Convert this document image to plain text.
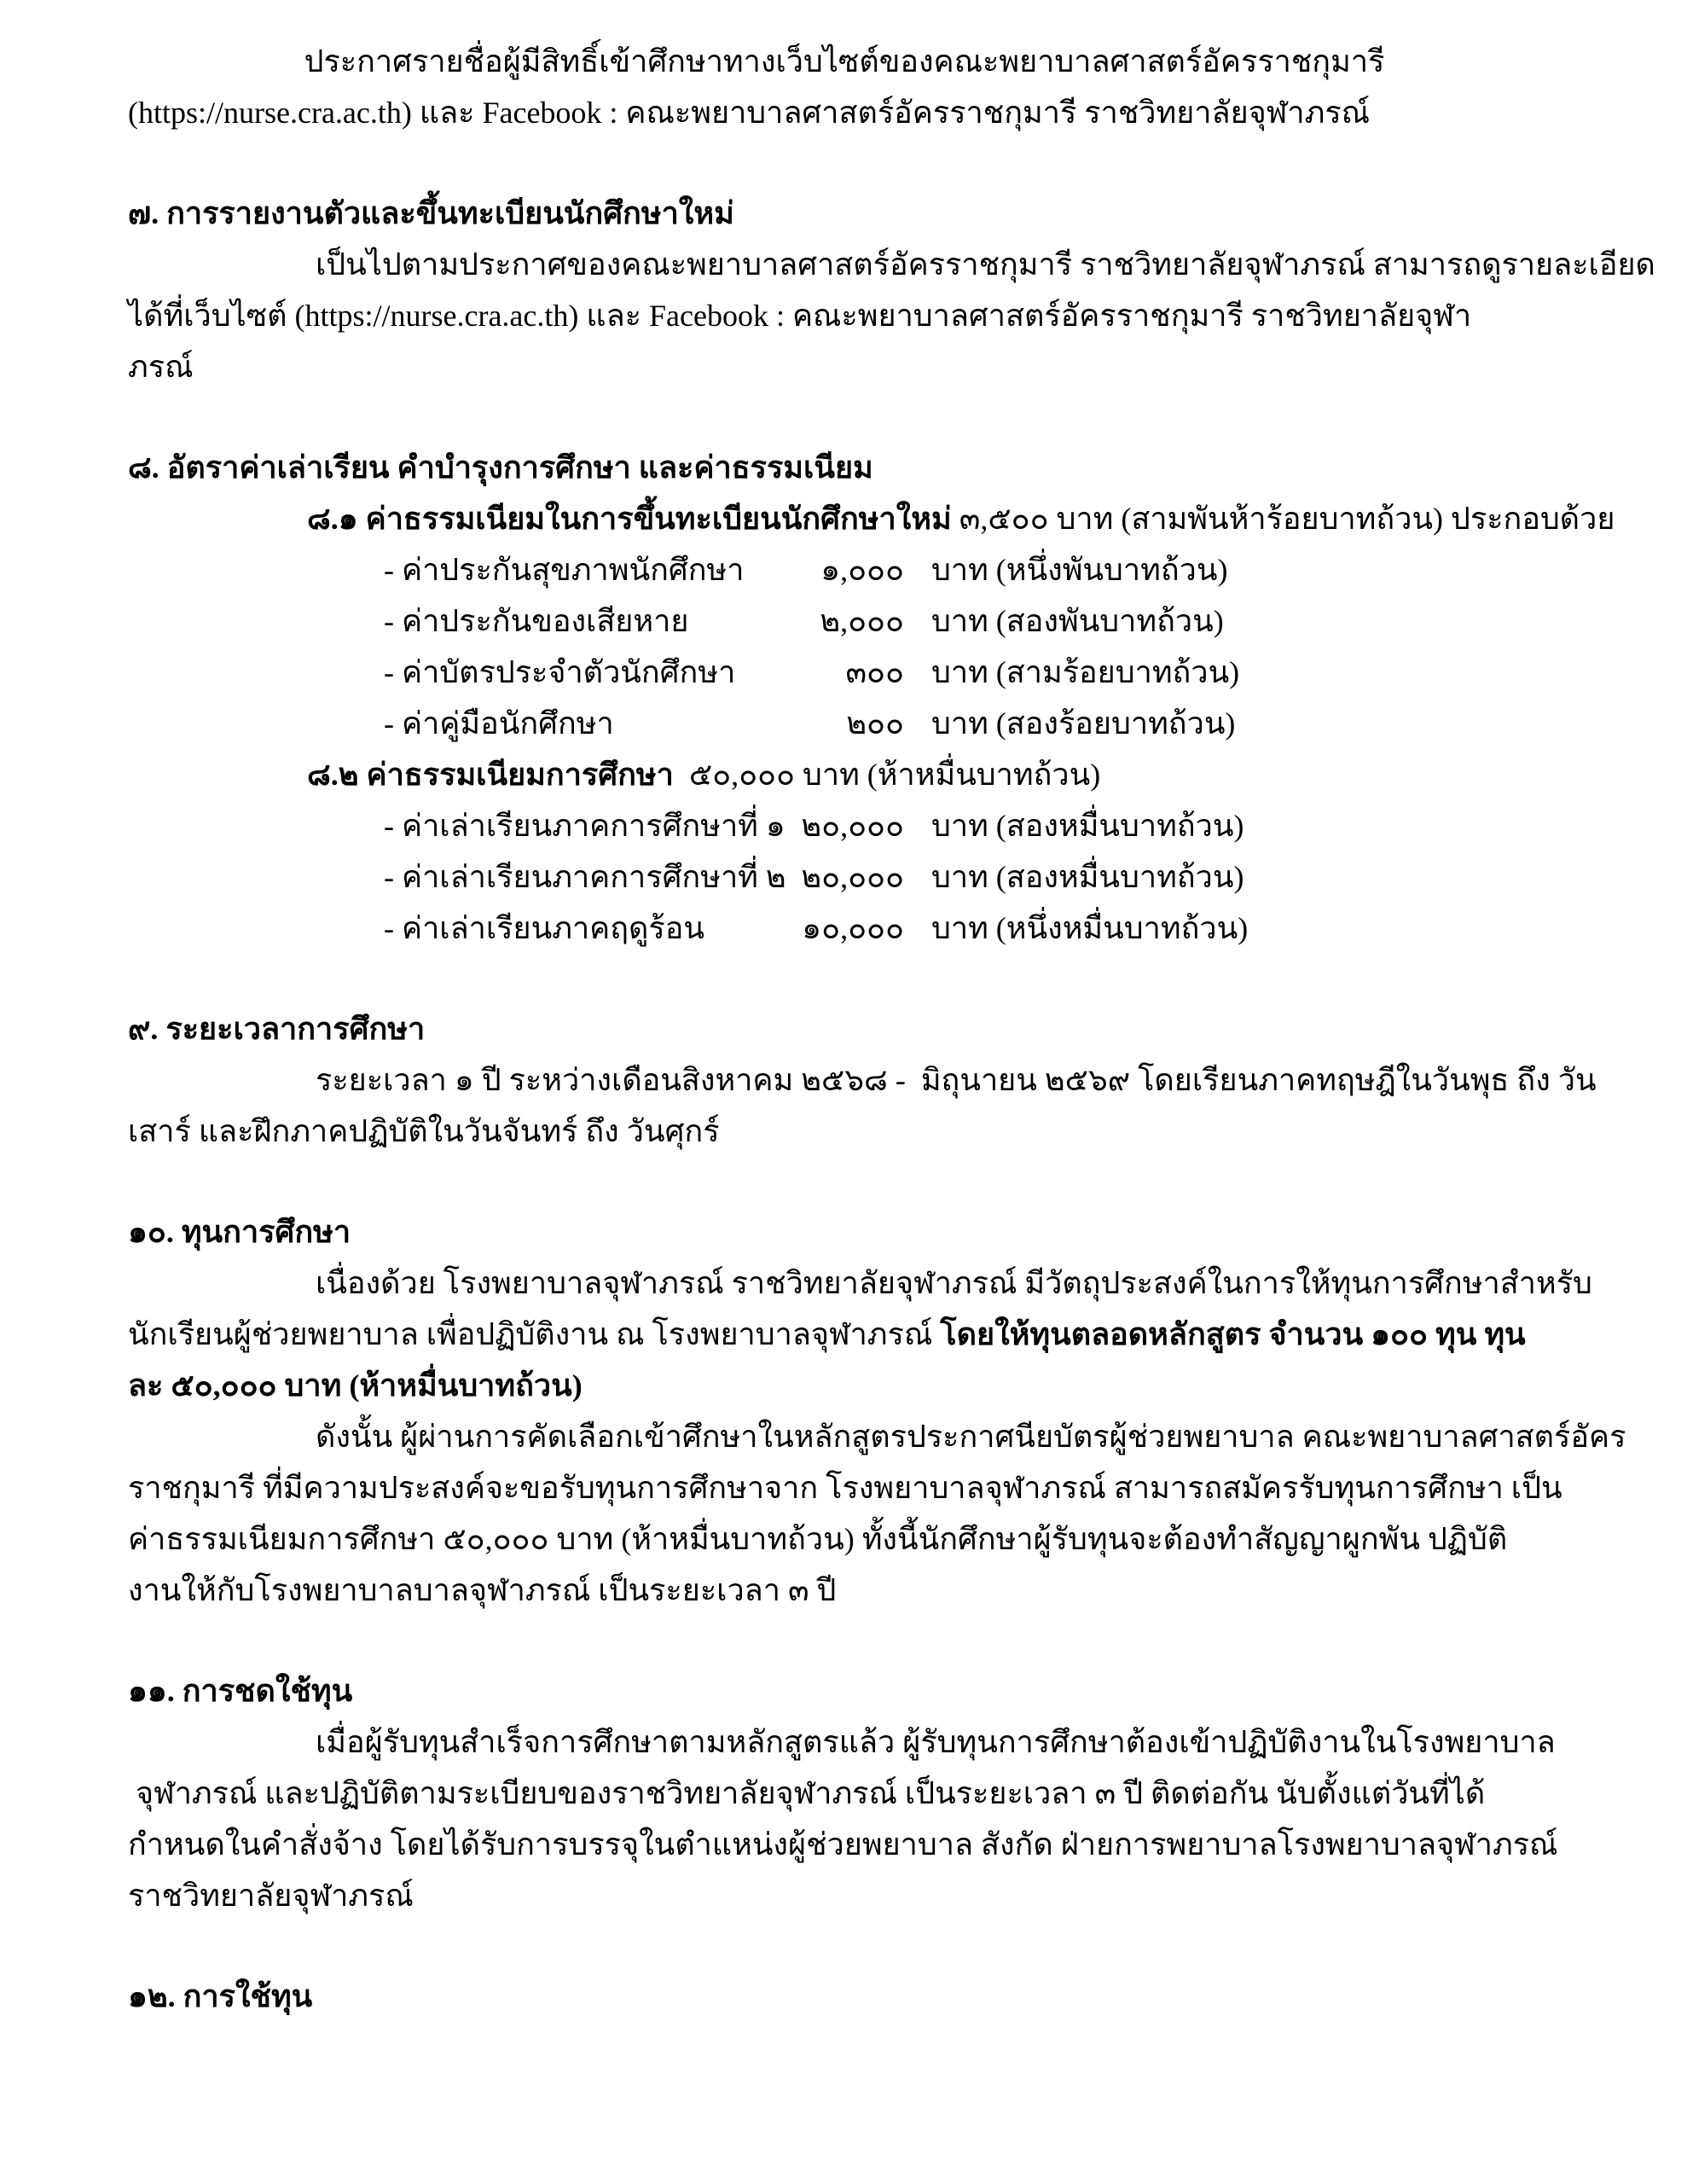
ประกาศรายชื่อผู้มีสิทธิ์เข้าศึกษาทางเว็บไซต์ของคณะพยาบาลศาสตร์อัครราชกุมารี
(https://nurse.cra.ac.th) และ Facebook : คณะพยาบาลศาสตร์อัครราชกุมารี ราชวิทยาลัยจุฬาภรณ์
๗. การรายงานตัวและขึ้นทะเบียนนักศึกษาใหม่
เป็นไปตามประกาศของคณะพยาบาลศาสตร์อัครราชกุมารี ราชวิทยาลัยจุฬาภรณ์ สามารถดูรายละเอียด
ได้ที่เว็บไซต์ (https://nurse.cra.ac.th) และ Facebook : คณะพยาบาลศาสตร์อัครราชกุมารี ราชวิทยาลัยจุฬา
ภรณ์
๘. อัตราค่าเล่าเรียน คำบำรุงการศึกษา และค่าธรรมเนียม
๘.๑ ค่าธรรมเนียมในการขึ้นทะเบียนนักศึกษาใหม่ ๓,๕๐๐ บาท (สามพันห้าร้อยบาทถ้วน) ประกอบด้วย
- ค่าประกันสุขภาพนักศึกษา	๑,๐๐๐ บาท (หนึ่งพันบาทถ้วน)
- ค่าประกันของเสียหาย	๒,๐๐๐ บาท (สองพันบาทถ้วน)
- ค่าบัตรประจำตัวนักศึกษา	๓๐๐ บาท (สามร้อยบาทถ้วน)
- ค่าคู่มือนักศึกษา	๒๐๐ บาท (สองร้อยบาทถ้วน)
๘.๒ ค่าธรรมเนียมการศึกษา  ๕๐,๐๐๐ บาท (ห้าหมื่นบาทถ้วน)
- ค่าเล่าเรียนภาคการศึกษาที่ ๑ ๒๐,๐๐๐ บาท (สองหมื่นบาทถ้วน)
- ค่าเล่าเรียนภาคการศึกษาที่ ๒ ๒๐,๐๐๐ บาท (สองหมื่นบาทถ้วน)
- ค่าเล่าเรียนภาคฤดูร้อน	๑๐,๐๐๐ บาท (หนึ่งหมื่นบาทถ้วน)
๙. ระยะเวลาการศึกษา
ระยะเวลา ๑ ปี ระหว่างเดือนสิงหาคม ๒๕๖๘ -  มิถุนายน ๒๕๖๙ โดยเรียนภาคทฤษฎีในวันพุธ ถึง วัน
เสาร์ และฝึกภาคปฏิบัติในวันจันทร์ ถึง วันศุกร์
๑๐. ทุนการศึกษา
เนื่องด้วย โรงพยาบาลจุฬาภรณ์ ราชวิทยาลัยจุฬาภรณ์ มีวัตถุประสงค์ในการให้ทุนการศึกษาสำหรับ
นักเรียนผู้ช่วยพยาบาล เพื่อปฏิบัติงาน ณ โรงพยาบาลจุฬาภรณ์ โดยให้ทุนตลอดหลักสูตร จำนวน ๑๐๐ ทุน ทุน
ละ ๕๐,๐๐๐ บาท (ห้าหมื่นบาทถ้วน)
ดังนั้น ผู้ผ่านการคัดเลือกเข้าศึกษาในหลักสูตรประกาศนียบัตรผู้ช่วยพยาบาล คณะพยาบาลศาสตร์อัคร
ราชกุมารี ที่มีความประสงค์จะขอรับทุนการศึกษาจาก โรงพยาบาลจุฬาภรณ์ สามารถสมัครรับทุนการศึกษา เป็น
ค่าธรรมเนียมการศึกษา ๕๐,๐๐๐ บาท (ห้าหมื่นบาทถ้วน) ทั้งนี้นักศึกษาผู้รับทุนจะต้องทำสัญญาผูกพัน ปฏิบัติ
งานให้กับโรงพยาบาลบาลจุฬาภรณ์ เป็นระยะเวลา ๓ ปี
๑๑. การชดใช้ทุน
เมื่อผู้รับทุนสำเร็จการศึกษาตามหลักสูตรแล้ว ผู้รับทุนการศึกษาต้องเข้าปฏิบัติงานในโรงพยาบาล
จุฬาภรณ์ และปฏิบัติตามระเบียบของราชวิทยาลัยจุฬาภรณ์ เป็นระยะเวลา ๓ ปี ติดต่อกัน นับตั้งแต่วันที่ได้
กำหนดในคำสั่งจ้าง โดยได้รับการบรรจุในตำแหน่งผู้ช่วยพยาบาล สังกัด ฝ่ายการพยาบาลโรงพยาบาลจุฬาภรณ์
ราชวิทยาลัยจุฬาภรณ์
๑๒. การใช้ทุน
